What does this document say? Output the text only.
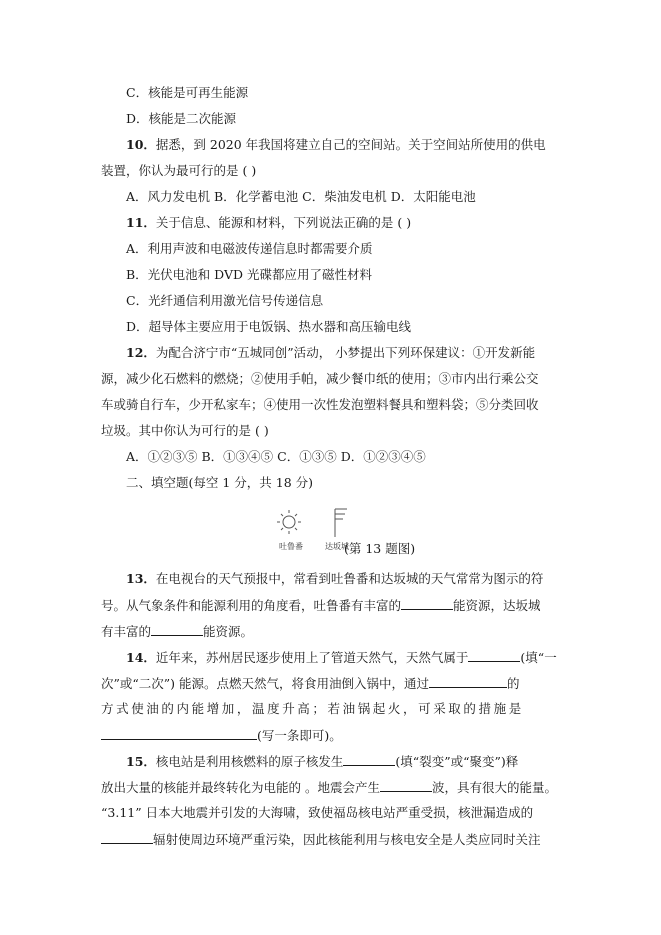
C．核能是可再生能源
D．核能是二次能源
10．据悉，到 2020 年我国将建立自己的空间站。关于空间站所使用的供电
装置，你认为最可行的是 ( )
A．风力发电机 B．化学蓄电池 C．柴油发电机 D．太阳能电池
11．关于信息、能源和材料，下列说法正确的是 ( )
A．利用声波和电磁波传递信息时都需要介质
B．光伏电池和 DVD 光碟都应用了磁性材料
C．光纤通信利用激光信号传递信息
D．超导体主要应用于电饭锅、热水器和高压输电线
12．为配合济宁市“五城同创”活动， 小梦提出下列环保建议：①开发新能
源，减少化石燃料的燃烧；②使用手帕，减少餐巾纸的使用；③市内出行乘公交
车或骑自行车，少开私家车；④使用一次性发泡塑料餐具和塑料袋；⑤分类回收
垃圾。其中你认为可行的是 ( )
A．①②③⑤ B．①③④⑤ C．①③⑤ D．①②③④⑤
二、填空题(每空 1 分，共 18 分)
吐鲁番	达坂城
(第 13 题图)
13．在电视台的天气预报中，常看到吐鲁番和达坂城的天气常常为图示的符
号。从气象条件和能源利用的角度看，吐鲁番有丰富的	能资源，达坂城
有丰富的	能资源。
14．近年来，苏州居民逐步使用上了管道天然气，天然气属于	(填“一
次”或“二次”) 能源。点燃天然气，将食用油倒入锅中，通过	的
方式使油的内能增加，温度升高；若油锅起火，可采取的措施是
(写一条即可)。
15．核电站是利用核燃料的原子核发生	(填“裂变”或“聚变”)释
放出大量的核能并最终转化为电能的 。地震会产生	波，具有很大的能量。
“3.11” 日本大地震并引发的大海啸，致使福岛核电站严重受损，核泄漏造成的
辐射使周边环境严重污染，因此核能利用与核电安全是人类应同时关注
